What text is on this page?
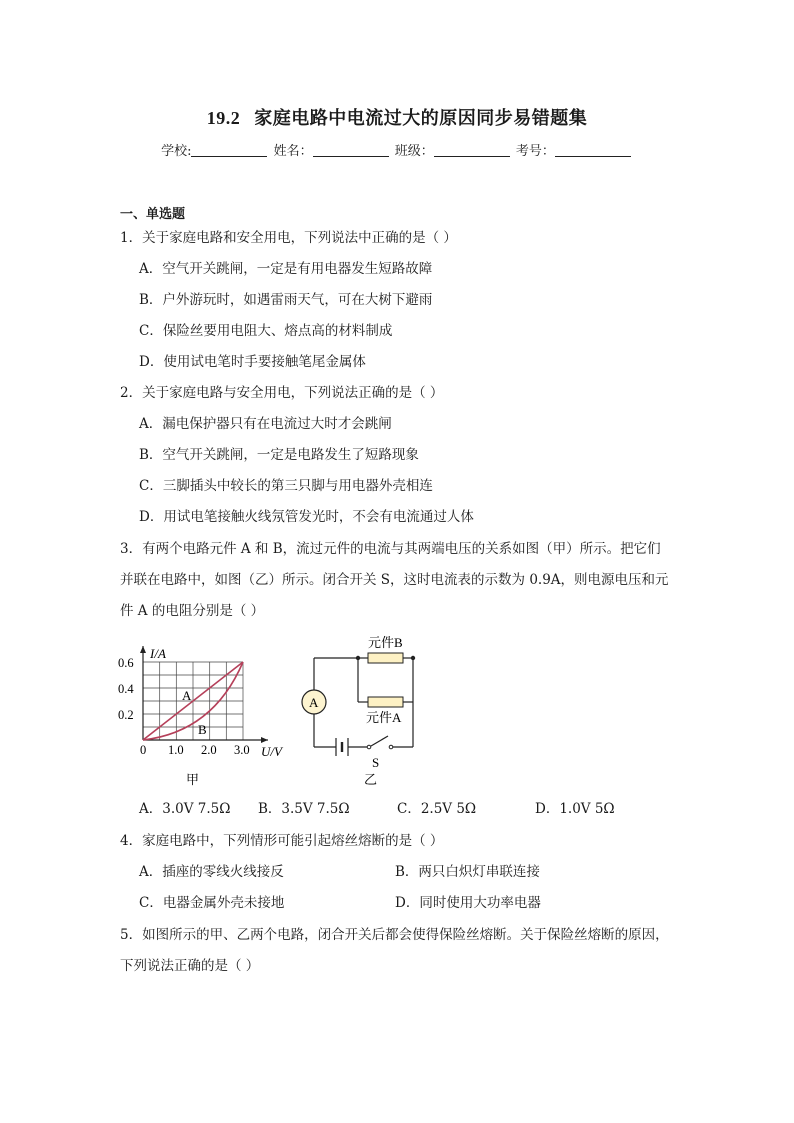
19.2 家庭电路中电流过大的原因同步易错题集
学校:	姓名：	班级：	考号：
一、单选题
1．关于家庭电路和安全用电，下列说法中正确的是（ ）
A．空气开关跳闸，一定是有用电器发生短路故障
B．户外游玩时，如遇雷雨天气，可在大树下避雨
C．保险丝要用电阻大、熔点高的材料制成
D．使用试电笔时手要接触笔尾金属体
2．关于家庭电路与安全用电，下列说法正确的是（ ）
A．漏电保护器只有在电流过大时才会跳闸
B．空气开关跳闸，一定是电路发生了短路现象
C．三脚插头中较长的第三只脚与用电器外壳相连
D．用试电笔接触火线氖管发光时，不会有电流通过人体
3．有两个电路元件 A 和 B，流过元件的电流与其两端电压的关系如图（甲）所示。把它们
并联在电路中，如图（乙）所示。闭合开关 S，这时电流表的示数为 0.9A，则电源电压和元
件 A 的电阻分别是（ ）
I/A
0.6
0.4
0.2
0 1.0 2.0 3.0 U/V
A
B
甲
S
A
元件B
元件A
乙
A．3.0V 7.5Ω B．3.5V 7.5Ω	C．2.5V 5Ω	D．1.0V 5Ω
4．家庭电路中，下列情形可能引起熔丝熔断的是（ ）
A．插座的零线火线接反	B．两只白炽灯串联连接
C．电器金属外壳未接地	D．同时使用大功率电器
5．如图所示的甲、乙两个电路，闭合开关后都会使得保险丝熔断。关于保险丝熔断的原因，
下列说法正确的是（ ）
